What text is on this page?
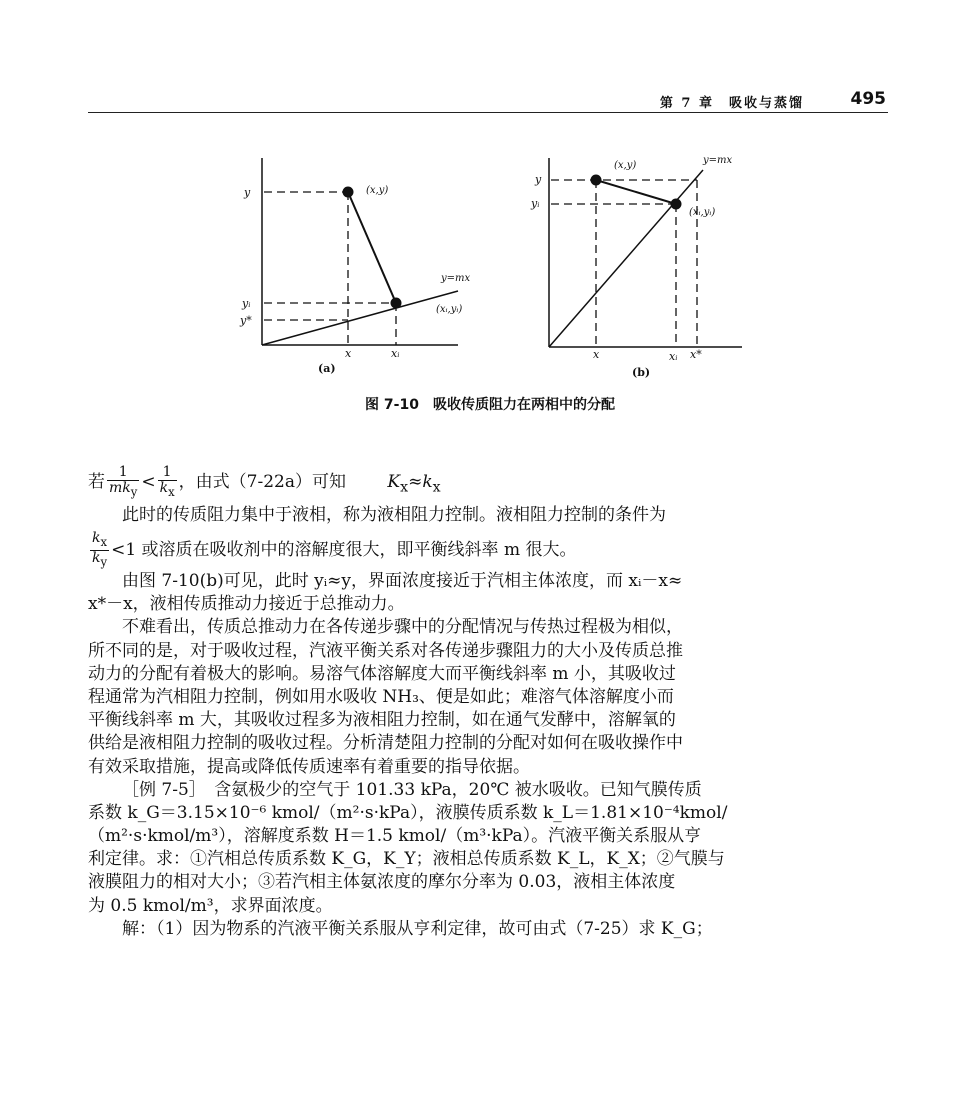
第 7 章　吸收与蒸馏	495
y
yᵢ
y*
x	xᵢ
(x,y)
(xᵢ,yᵢ)
y=mx
(a)
y
yᵢ
x	xᵢ x*
(x,y)
(xᵢ,yᵢ)
y=mx
(b)
图 7-10　吸收传质阻力在两相中的分配
若 $\frac{1}{mk_y} < \frac{1}{k_x}$ ，由式（7-22a）可知 $K_x\approx k_x$
此时的传质阻力集中于液相，称为液相阻力控制。液相阻力控制的条件为
$\frac{k_x}{k_y} <1$ 或溶质在吸收剂中的溶解度很大，即平衡线斜率 m 很大。
由图 7-10(b)可见，此时 yᵢ≈y，界面浓度接近于汽相主体浓度，而 xᵢ－x≈
x*－x，液相传质推动力接近于总推动力。
不难看出，传质总推动力在各传递步骤中的分配情况与传热过程极为相似，
所不同的是，对于吸收过程，汽液平衡关系对各传递步骤阻力的大小及传质总推
动力的分配有着极大的影响。易溶气体溶解度大而平衡线斜率 m 小，其吸收过
程通常为汽相阻力控制，例如用水吸收 NH₃、便是如此；难溶气体溶解度小而
平衡线斜率 m 大，其吸收过程多为液相阻力控制，如在通气发酵中，溶解氧的
供给是液相阻力控制的吸收过程。分析清楚阻力控制的分配对如何在吸收操作中
有效采取措施，提高或降低传质速率有着重要的指导依据。
［例 7-5］　含氨极少的空气于 101.33 kPa，20℃ 被水吸收。已知气膜传质
系数 k_G＝3.15×10⁻⁶ kmol/（m²·s·kPa），液膜传质系数 k_L＝1.81×10⁻⁴kmol/
（m²·s·kmol/m³），溶解度系数 H＝1.5 kmol/（m³·kPa）。汽液平衡关系服从亨
利定律。求：①汽相总传质系数 K_G，K_Y；液相总传质系数 K_L，K_X；②气膜与
液膜阻力的相对大小；③若汽相主体氨浓度的摩尔分率为 0.03，液相主体浓度
为 0.5 kmol/m³，求界面浓度。
解：（1）因为物系的汽液平衡关系服从亨利定律，故可由式（7-25）求 K_G；
